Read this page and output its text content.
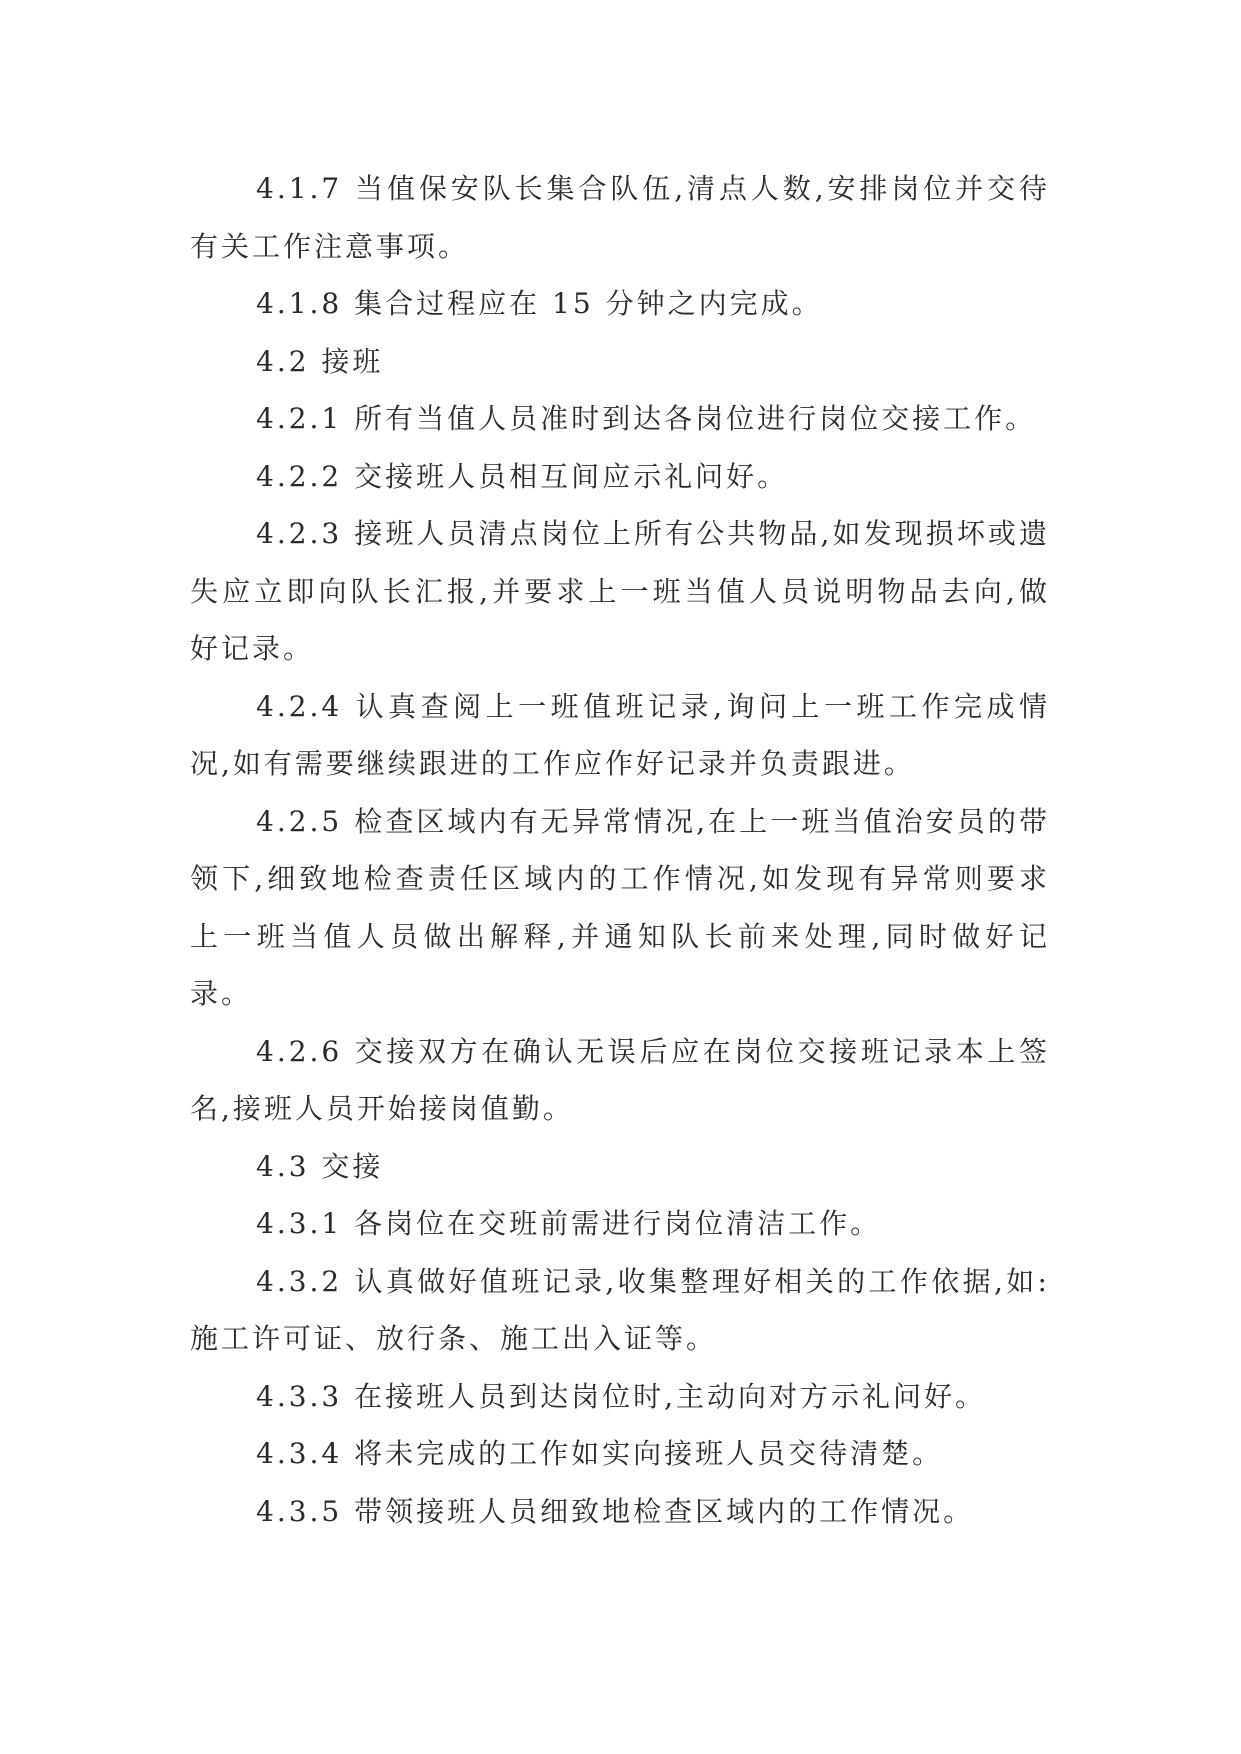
4.1.7 当值保安队长集合队伍,清点人数,安排岗位并交待有关工作注意事项。

4.1.8 集合过程应在 15 分钟之内完成。

4.2 接班

4.2.1 所有当值人员准时到达各岗位进行岗位交接工作。

4.2.2 交接班人员相互间应示礼问好。

4.2.3 接班人员清点岗位上所有公共物品,如发现损坏或遗失应立即向队长汇报,并要求上一班当值人员说明物品去向,做好记录。

4.2.4 认真查阅上一班值班记录,询问上一班工作完成情况,如有需要继续跟进的工作应作好记录并负责跟进。

4.2.5 检查区域内有无异常情况,在上一班当值治安员的带领下,细致地检查责任区域内的工作情况,如发现有异常则要求上一班当值人员做出解释,并通知队长前来处理,同时做好记录。

4.2.6 交接双方在确认无误后应在岗位交接班记录本上签名,接班人员开始接岗值勤。

4.3 交接

4.3.1 各岗位在交班前需进行岗位清洁工作。

4.3.2 认真做好值班记录,收集整理好相关的工作依据,如:施工许可证、放行条、施工出入证等。

4.3.3 在接班人员到达岗位时,主动向对方示礼问好。

4.3.4 将未完成的工作如实向接班人员交待清楚。

4.3.5 带领接班人员细致地检查区域内的工作情况。
